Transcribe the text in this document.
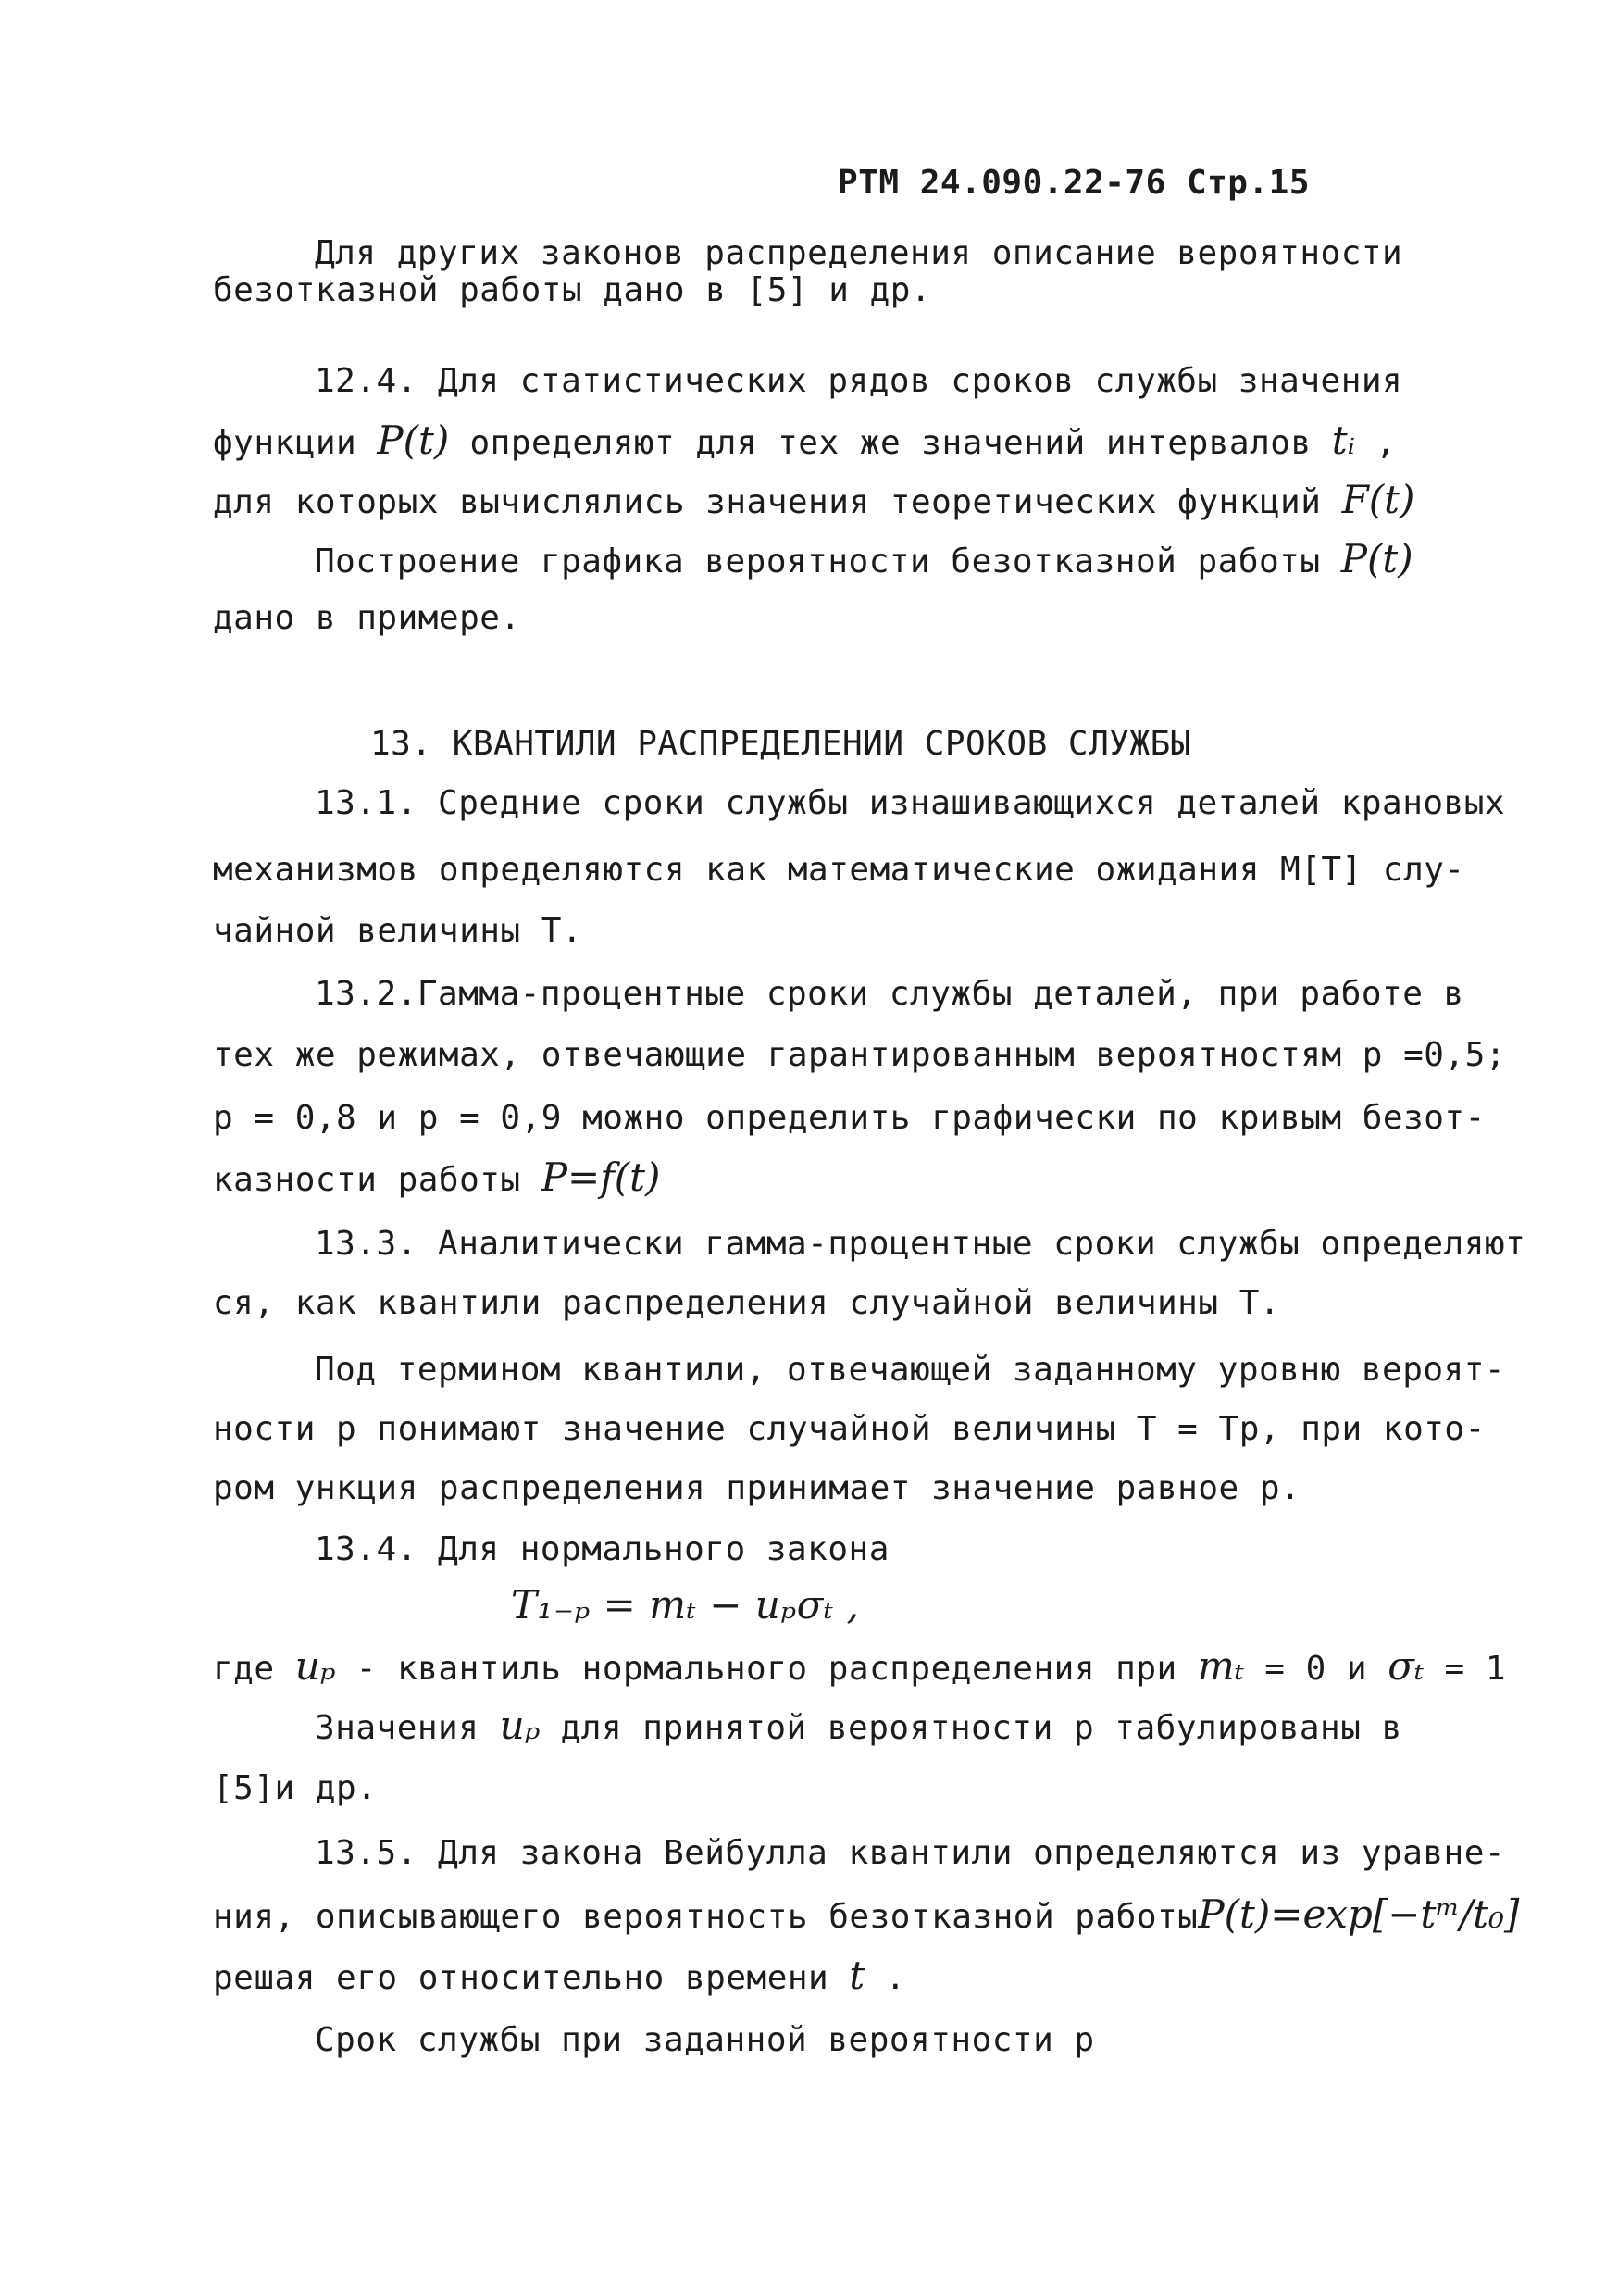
РТМ 24.090.22-76 Стр.15
Для других законов распределения описание вероятности
безотказной работы дано в [5] и др.
12.4. Для статистических рядов сроков службы значения
функции P(t) определяют для тех же значений интервалов tᵢ ,
для которых вычислялись значения теоретических функций F(t)
Построение графика вероятности безотказной работы P(t)
дано в примере.
13. КВАНТИЛИ РАСПРЕДЕЛЕНИИ СРОКОВ СЛУЖБЫ
13.1. Средние сроки службы изнашивающихся деталей крановых
механизмов определяются как математические ожидания M[T] слу-
чайной величины T.
13.2.Гамма-процентные сроки службы деталей, при работе в
тех же режимах, отвечающие гарантированным вероятностям p =0,5;
p = 0,8 и p = 0,9 можно определить графически по кривым безот-
казности работы P=f(t)
13.3. Аналитически гамма-процентные сроки службы определяют
ся, как квантили распределения случайной величины T.
Под термином квантили, отвечающей заданному уровню вероят-
ности p понимают значение случайной величины T = Tp, при кото-
ром ункция распределения принимает значение равное p.
13.4. Для нормального закона
T₁₋ₚ = mₜ − uₚσₜ ,
где uₚ - квантиль нормального распределения при mₜ = 0 и σₜ = 1
Значения uₚ для принятой вероятности p табулированы в
[5]и др.
13.5. Для закона Вейбулла квантили определяются из уравне-
ния, описывающего вероятность безотказной работыP(t)=exp[−tᵐ/t₀]
решая его относительно времени t .
Срок службы при заданной вероятности p
